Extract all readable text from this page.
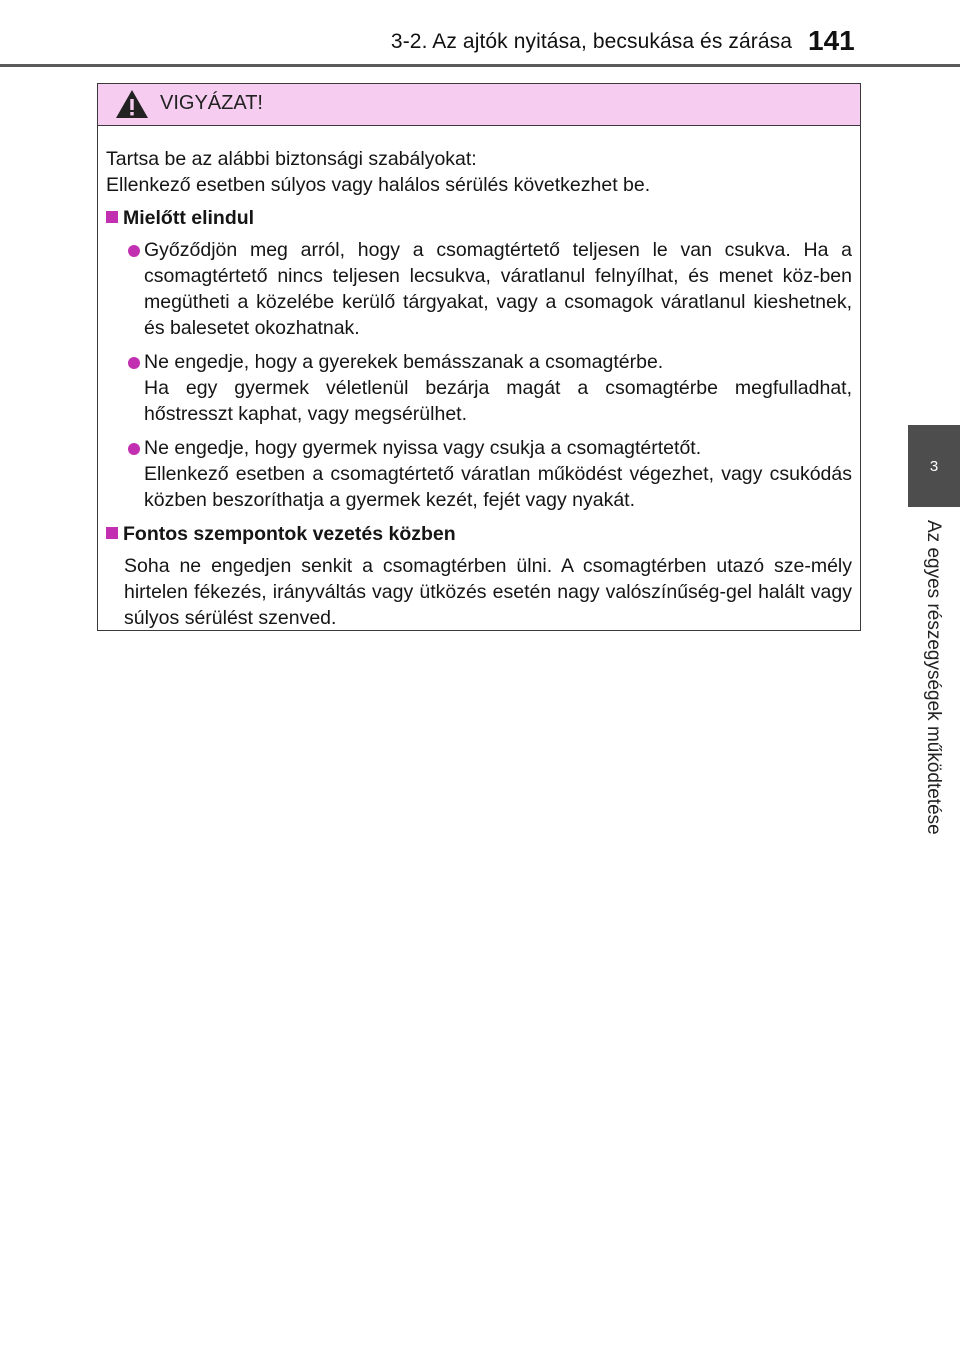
3-2. Az ajtók nyitása, becsukása és zárása 141
3
Az egyes részegységek működtetése
VIGYÁZAT!

Tartsa be az alábbi biztonsági szabályokat:

Ellenkező esetben súlyos vagy halálos sérülés következhet be.

Mielőtt elindul

Győződjön meg arról, hogy a csomagtértető teljesen le van csukva. Ha a csomagtértető nincs teljesen lecsukva, váratlanul felnyílhat, és menet köz-ben megütheti a közelébe kerülő tárgyakat, vagy a csomagok váratlanul kieshetnek, és balesetet okozhatnak.

Ne engedje, hogy a gyerekek bemásszanak a csomagtérbe.

Ha egy gyermek véletlenül bezárja magát a csomagtérbe megfulladhat, hőstresszt kaphat, vagy megsérülhet.

Ne engedje, hogy gyermek nyissa vagy csukja a csomagtértetőt.

Ellenkező esetben a csomagtértető váratlan működést végezhet, vagy csukódás közben beszoríthatja a gyermek kezét, fejét vagy nyakát.

Fontos szempontok vezetés közben

Soha ne engedjen senkit a csomagtérben ülni. A csomagtérben utazó sze-mély hirtelen fékezés, irányváltás vagy ütközés esetén nagy valószínűség-gel halált vagy súlyos sérülést szenved.
